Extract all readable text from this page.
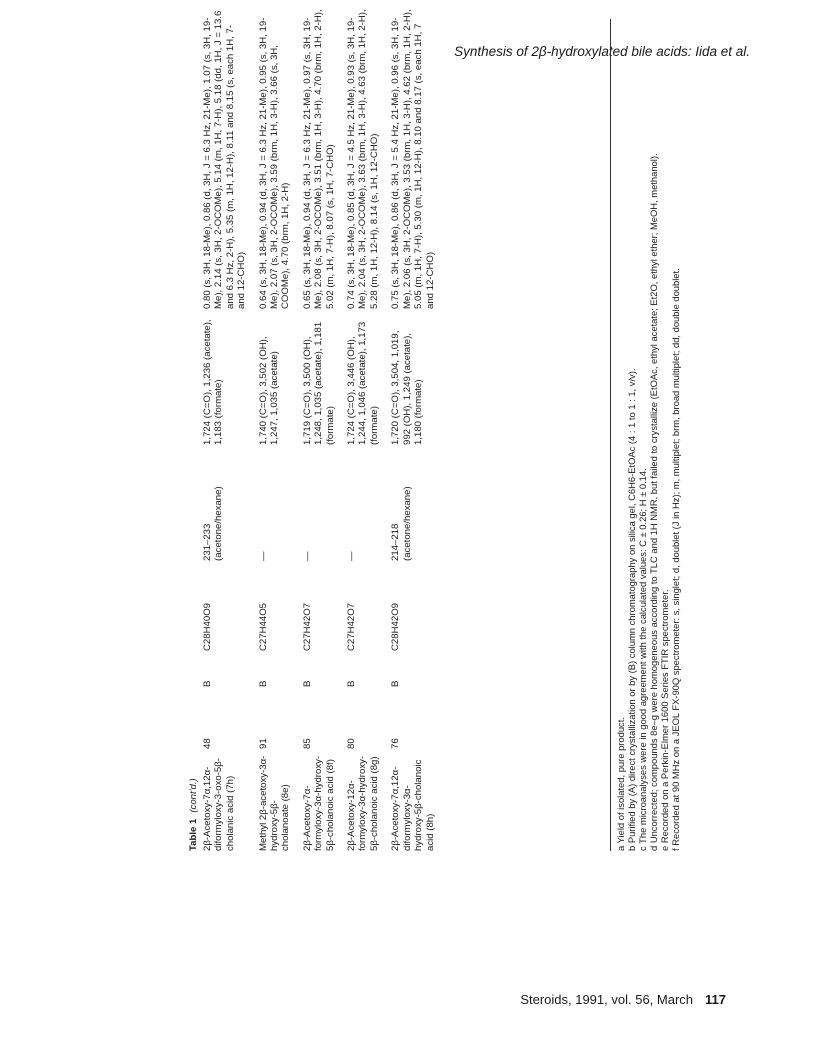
Synthesis of 2β-hydroxylated bile acids: Iida et al.
Table 1(cont'd.) 2β-Acetoxy-7α,12α-diformyloxy-3-oxo-5β-cholanic acid (7h)	48	B	C28H40O9	231–233 (acetone/hexane)	1,724 (C=O), 1,236 (acetate), 1,183 (formate)	0.80 (s, 3H, 18-Me), 0.86 (d, 3H, J = 6.3 Hz, 21-Me), 1.07 (s, 3H, 19-Me), 2.14 (s, 3H, 2-OCOMe), 5.14 (m, 1H, 7-H), 5.18 (dd, 1H, J = 13.6 and 6.3 Hz, 2-H), 5.35 (m, 1H, 12-H), 8.11 and 8.15 (s, each 1H, 7- and 12-CHO)
Methyl 2β-acetoxy-3α-hydroxy-5β-cholanoate (8e)	91	B	C27H44O5	—	1,740 (C=O), 3,502 (OH), 1,247, 1,035 (acetate)	0.64 (s, 3H, 18-Me), 0.94 (d, 3H, J = 6.3 Hz, 21-Me), 0.95 (s, 3H, 19-Me), 2.07 (s, 3H, 2-OCOMe), 3.59 (brm, 1H, 3-H), 3.66 (s, 3H, COOMe), 4.70 (brm, 1H, 2-H)
2β-Acetoxy-7α-formyloxy-3α-hydroxy-5β-cholanoic acid (8f)	85	B	C27H42O7	—	1,719 (C=O), 3,500 (OH), 1,248, 1,035 (acetate), 1,181 (formate)	0.65 (s, 3H, 18-Me), 0.94 (d, 3H, J = 6.3 Hz, 21-Me), 0.97 (s, 3H, 19-Me), 2.08 (s, 3H, 2-OCOMe), 3.51 (brm, 1H, 3-H), 4.70 (brm, 1H, 2-H), 5.02 (m, 1H, 7-H), 8.07 (s, 1H, 7-CHO)
2β-Acetoxy-12α-formyloxy-3α-hydroxy-5β-cholanoic acid (8g)	80	B	C27H42O7	—	1,724 (C=O), 3,446 (OH), 1,244, 1,046 (acetate), 1,173 (formate)	0.74 (s, 3H, 18-Me), 0.85 (d, 3H, J = 4.5 Hz, 21-Me), 0.93 (s, 3H, 19-Me), 2.04 (s, 3H, 2-OCOMe), 3.63 (brm, 1H, 3-H), 4.63 (brm, 1H, 2-H), 5.28 (m, 1H, 12-H), 8.14 (s, 1H, 12-CHO)
2β-Acetoxy-7α,12α-diformyloxy-3α-hydroxy-5β-cholanoic acid (8h)	76	B	C28H42O9	214–218 (acetone/hexane)	1,720 (C=O), 3,504, 1,019, 992 (OH), 1,249 (acetate), 1,180 (formate)	0.75 (s, 3H, 18-Me), 0.86 (d, 3H, J = 5.4 Hz, 21-Me), 0.96 (s, 3H, 19-Me), 2.06 (s, 3H, 2-OCOMe), 3.53 (brm, 1H, 3-H), 4.62 (brm, 1H, 2-H), 5.05 (m, 1H, 7-H), 5.30 (m, 1H, 12-H), 8.10 and 8.17 (s, each 1H, 7 and 12-CHO)
a Yield of isolated, pure product. b Purified by (A) direct crystallization or by (B) column chromatography on silica gel, C6H6-EtOAc (4 : 1 to 1 : 1, v/v). c The microanalyses were in good agreement with the calculated values: C ± 0.26; H ± 0.14. d Uncorrected; compounds 8e–g were homogeneous according to TLC and 1H NMR, but failed to crystallize (EtOAc, ethyl acetate; Et2O, ethyl ether; MeOH, methanol). e Recorded on a Perkin-Elmer 1600 Series FTIR spectrometer. f Recorded at 90 MHz on a JEOL FX-90Q spectrometer: s, singlet; d, doublet (J in Hz); m, multiplet; brm, broad multiplet; dd, double doublet.
Steroids, 1991, vol. 56, March 117
